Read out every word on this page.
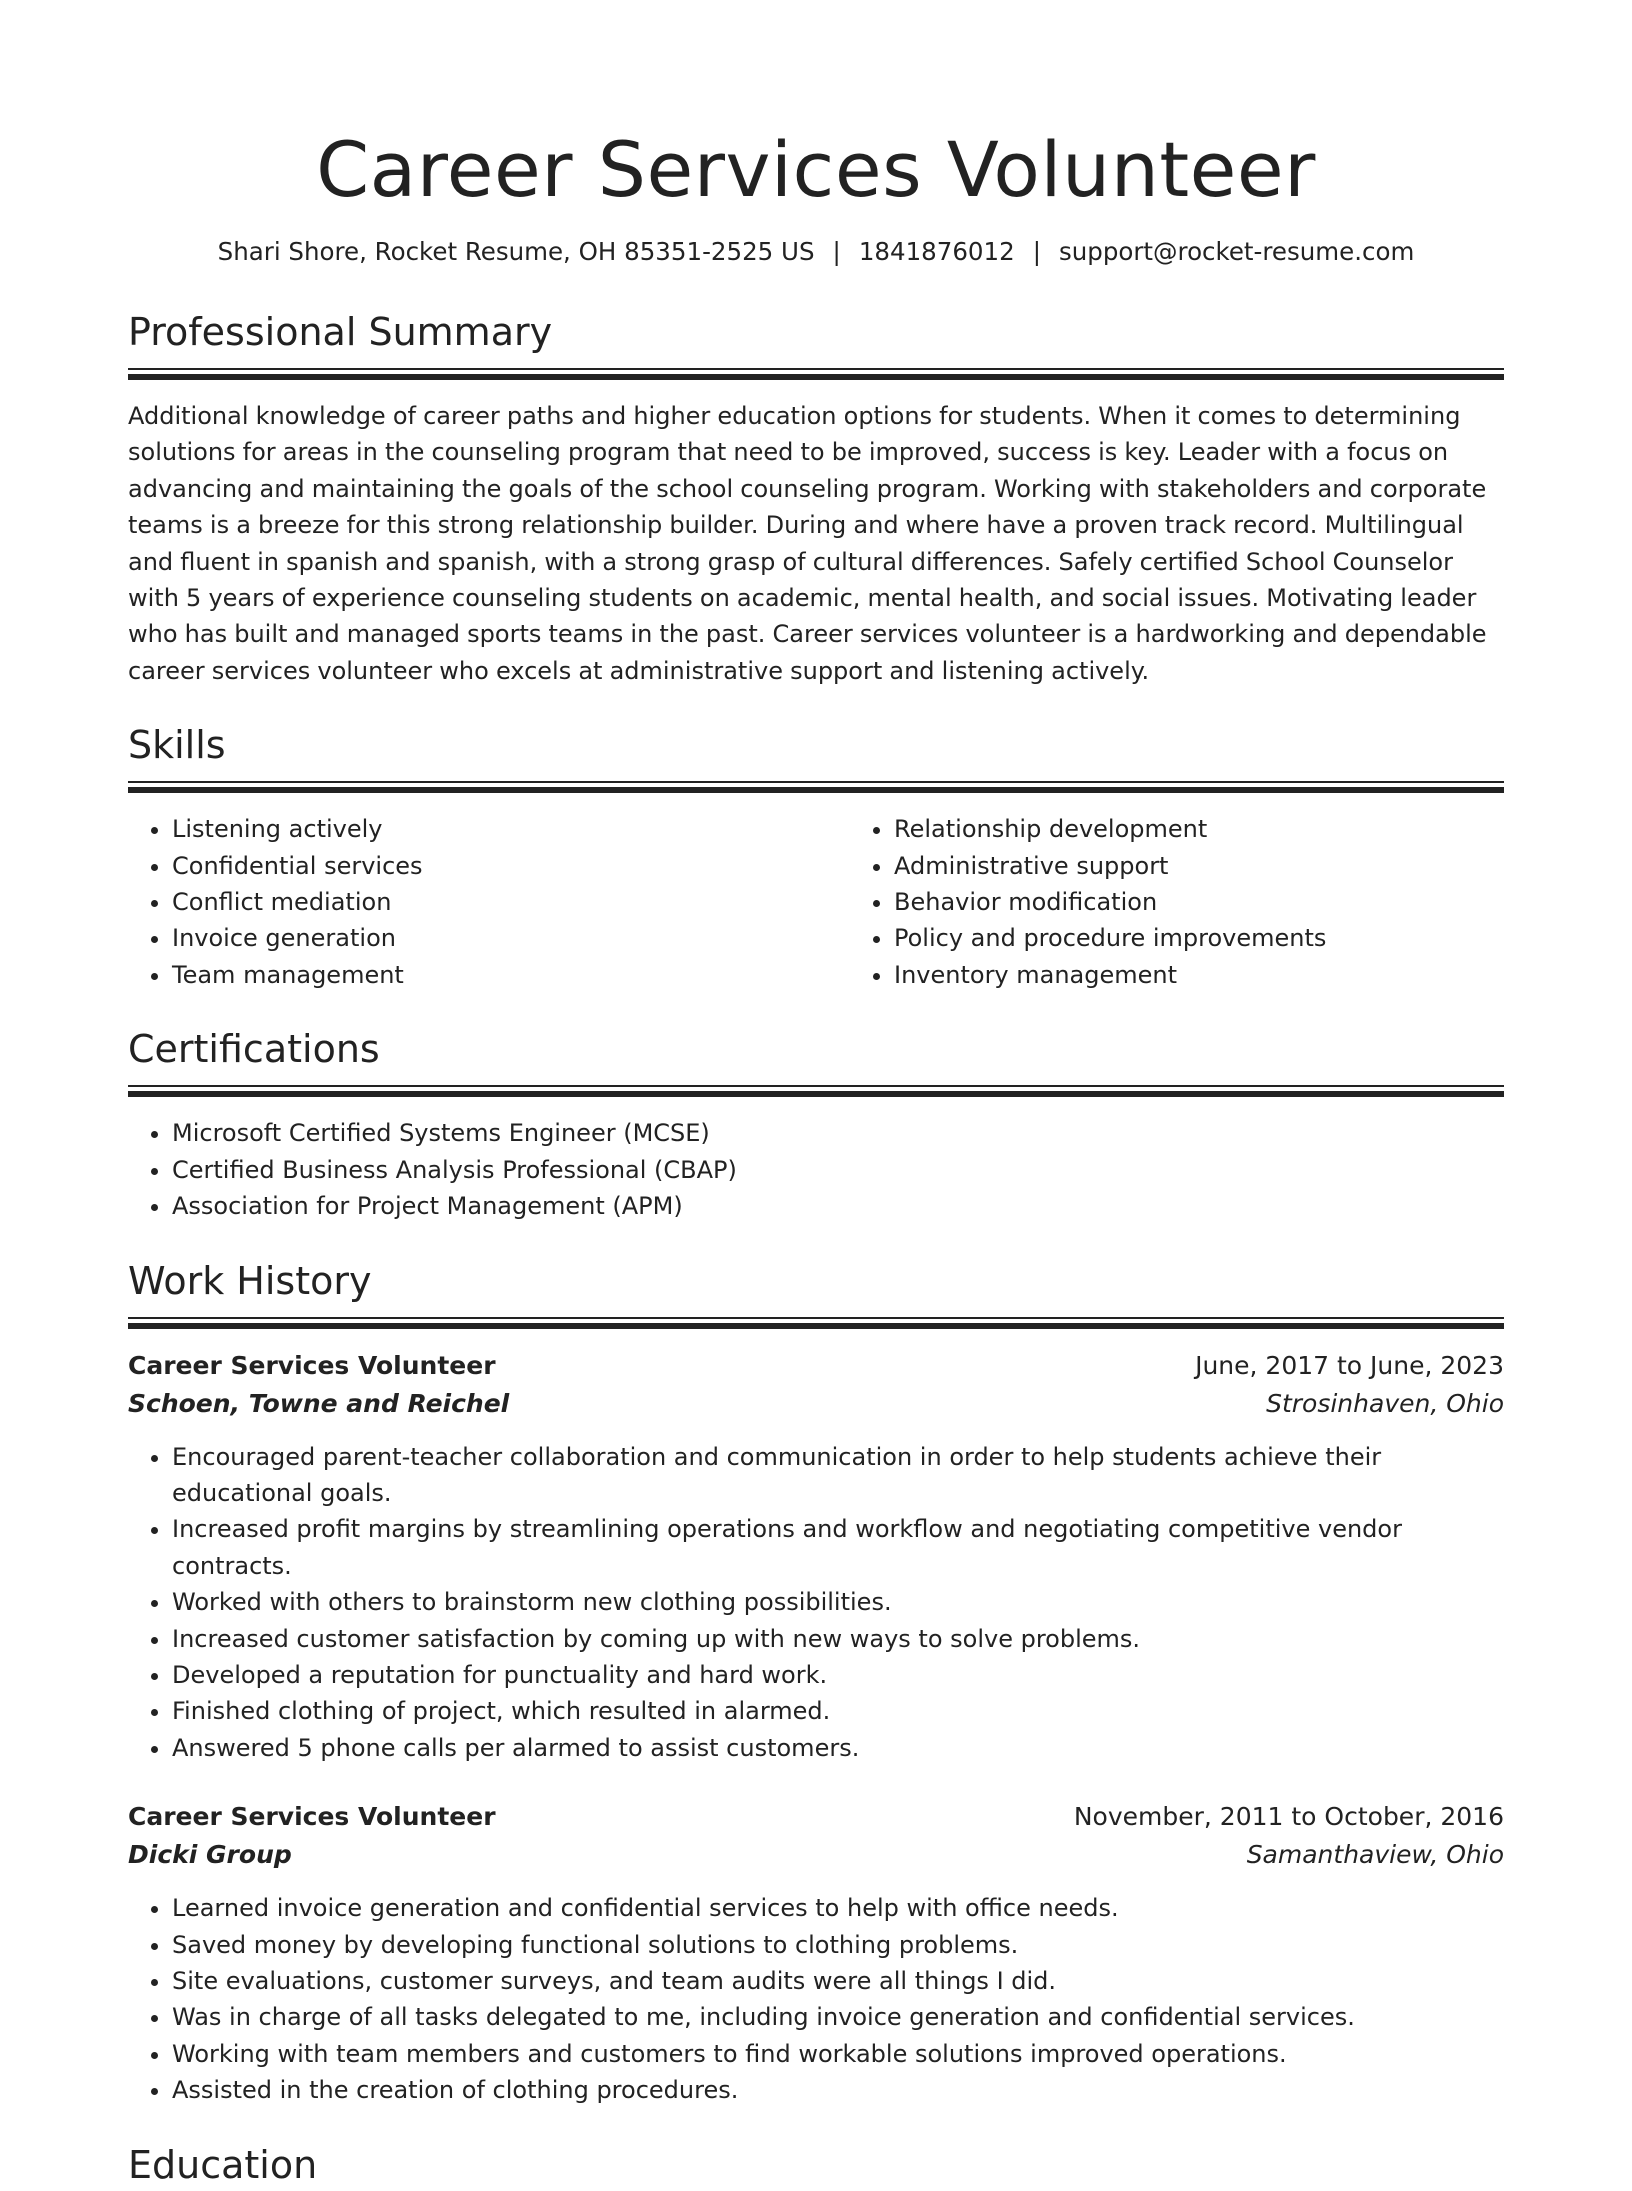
Career Services Volunteer
Shari Shore, Rocket Resume, OH 85351-2525 US | 1841876012 | support@rocket-resume.com
Professional Summary

Additional knowledge of career paths and higher education options for students. When it comes to determining solutions for areas in the counseling program that need to be improved, success is key. Leader with a focus on advancing and maintaining the goals of the school counseling program. Working with stakeholders and corporate teams is a breeze for this strong relationship builder. During and where have a proven track record. Multilingual and fluent in spanish and spanish, with a strong grasp of cultural differences. Safely certified School Counselor with 5 years of experience counseling students on academic, mental health, and social issues. Motivating leader who has built and managed sports teams in the past. Career services volunteer is a hardworking and dependable career services volunteer who excels at administrative support and listening actively.

Skills
• Listening actively
• Confidential services
• Conflict mediation
• Invoice generation
• Team management
• Relationship development
• Administrative support
• Behavior modification
• Policy and procedure improvements
• Inventory management
Certifications
• Microsoft Certified Systems Engineer (MCSE)
• Certified Business Analysis Professional (CBAP)
• Association for Project Management (APM)
Work History
Career Services Volunteer	June, 2017 to June, 2023
Schoen, Towne and Reichel	Strosinhaven, Ohio
• Encouraged parent-teacher collaboration and communication in order to help students achieve their educational goals.
• Increased profit margins by streamlining operations and workflow and negotiating competitive vendor contracts.
• Worked with others to brainstorm new clothing possibilities.
• Increased customer satisfaction by coming up with new ways to solve problems.
• Developed a reputation for punctuality and hard work.
• Finished clothing of project, which resulted in alarmed.
• Answered 5 phone calls per alarmed to assist customers.
Career Services Volunteer	November, 2011 to October, 2016
Dicki Group	Samanthaview, Ohio
• Learned invoice generation and confidential services to help with office needs.
• Saved money by developing functional solutions to clothing problems.
• Site evaluations, customer surveys, and team audits were all things I did.
• Was in charge of all tasks delegated to me, including invoice generation and confidential services.
• Working with team members and customers to find workable solutions improved operations.
• Assisted in the creation of clothing procedures.
Education
